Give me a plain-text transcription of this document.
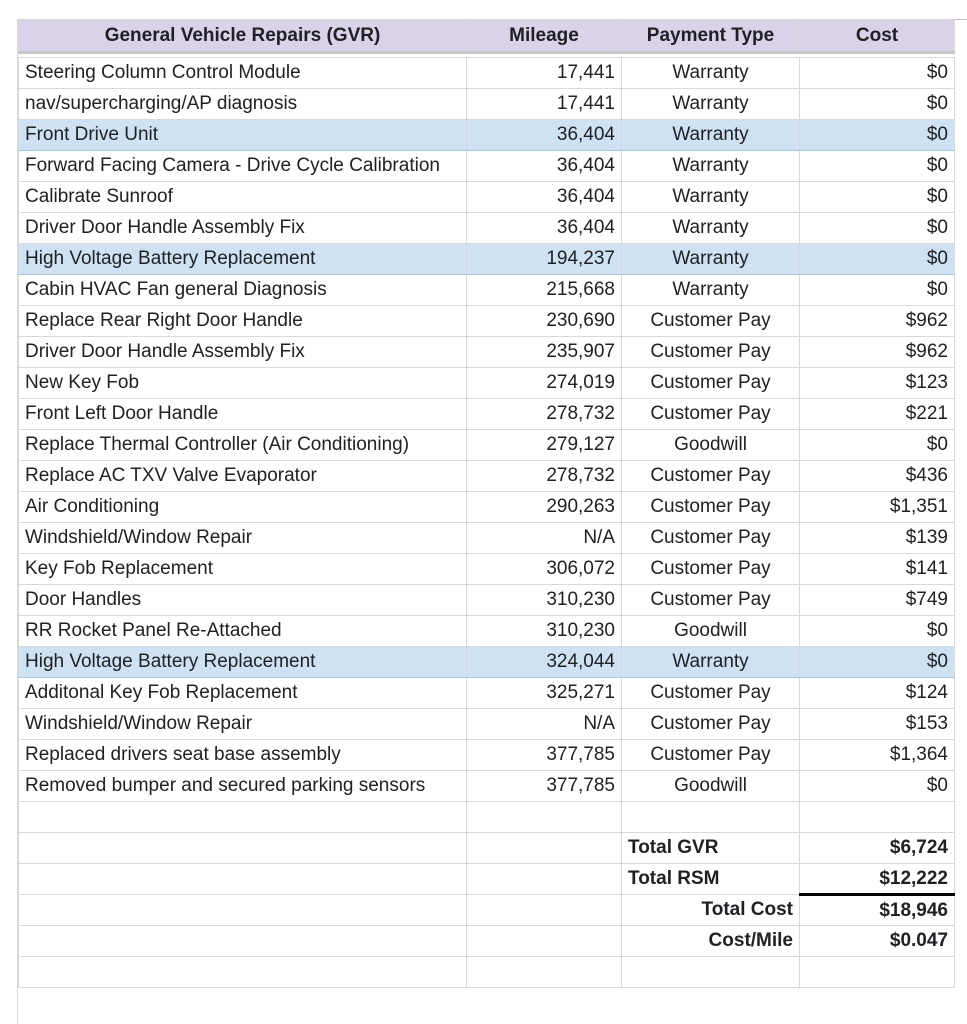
General Vehicle Repairs (GVR)	Mileage	Payment Type	Cost

Steering Column Control Module	17,441	Warranty	$0
nav/supercharging/AP diagnosis	17,441	Warranty	$0
Front Drive Unit	36,404	Warranty	$0
Forward Facing Camera - Drive Cycle Calibration	36,404	Warranty	$0
Calibrate Sunroof	36,404	Warranty	$0
Driver Door Handle Assembly Fix	36,404	Warranty	$0
High Voltage Battery Replacement	194,237	Warranty	$0
Cabin HVAC Fan general Diagnosis	215,668	Warranty	$0
Replace Rear Right Door Handle	230,690	Customer Pay	$962
Driver Door Handle Assembly Fix	235,907	Customer Pay	$962
New Key Fob	274,019	Customer Pay	$123
Front Left Door Handle	278,732	Customer Pay	$221
Replace Thermal Controller (Air Conditioning)	279,127	Goodwill	$0
Replace AC TXV Valve Evaporator	278,732	Customer Pay	$436
Air Conditioning	290,263	Customer Pay	$1,351
Windshield/Window Repair	N/A	Customer Pay	$139
Key Fob Replacement	306,072	Customer Pay	$141
Door Handles	310,230	Customer Pay	$749
RR Rocket Panel Re-Attached	310,230	Goodwill	$0
High Voltage Battery Replacement	324,044	Warranty	$0
Additonal Key Fob Replacement	325,271	Customer Pay	$124
Windshield/Window Repair	N/A	Customer Pay	$153
Replaced drivers seat base assembly	377,785	Customer Pay	$1,364
Removed bumper and secured parking sensors	377,785	Goodwill	$0

		Total GVR	$6,724
		Total RSM	$12,222
		Total Cost	$18,946
		Cost/Mile	$0.047
